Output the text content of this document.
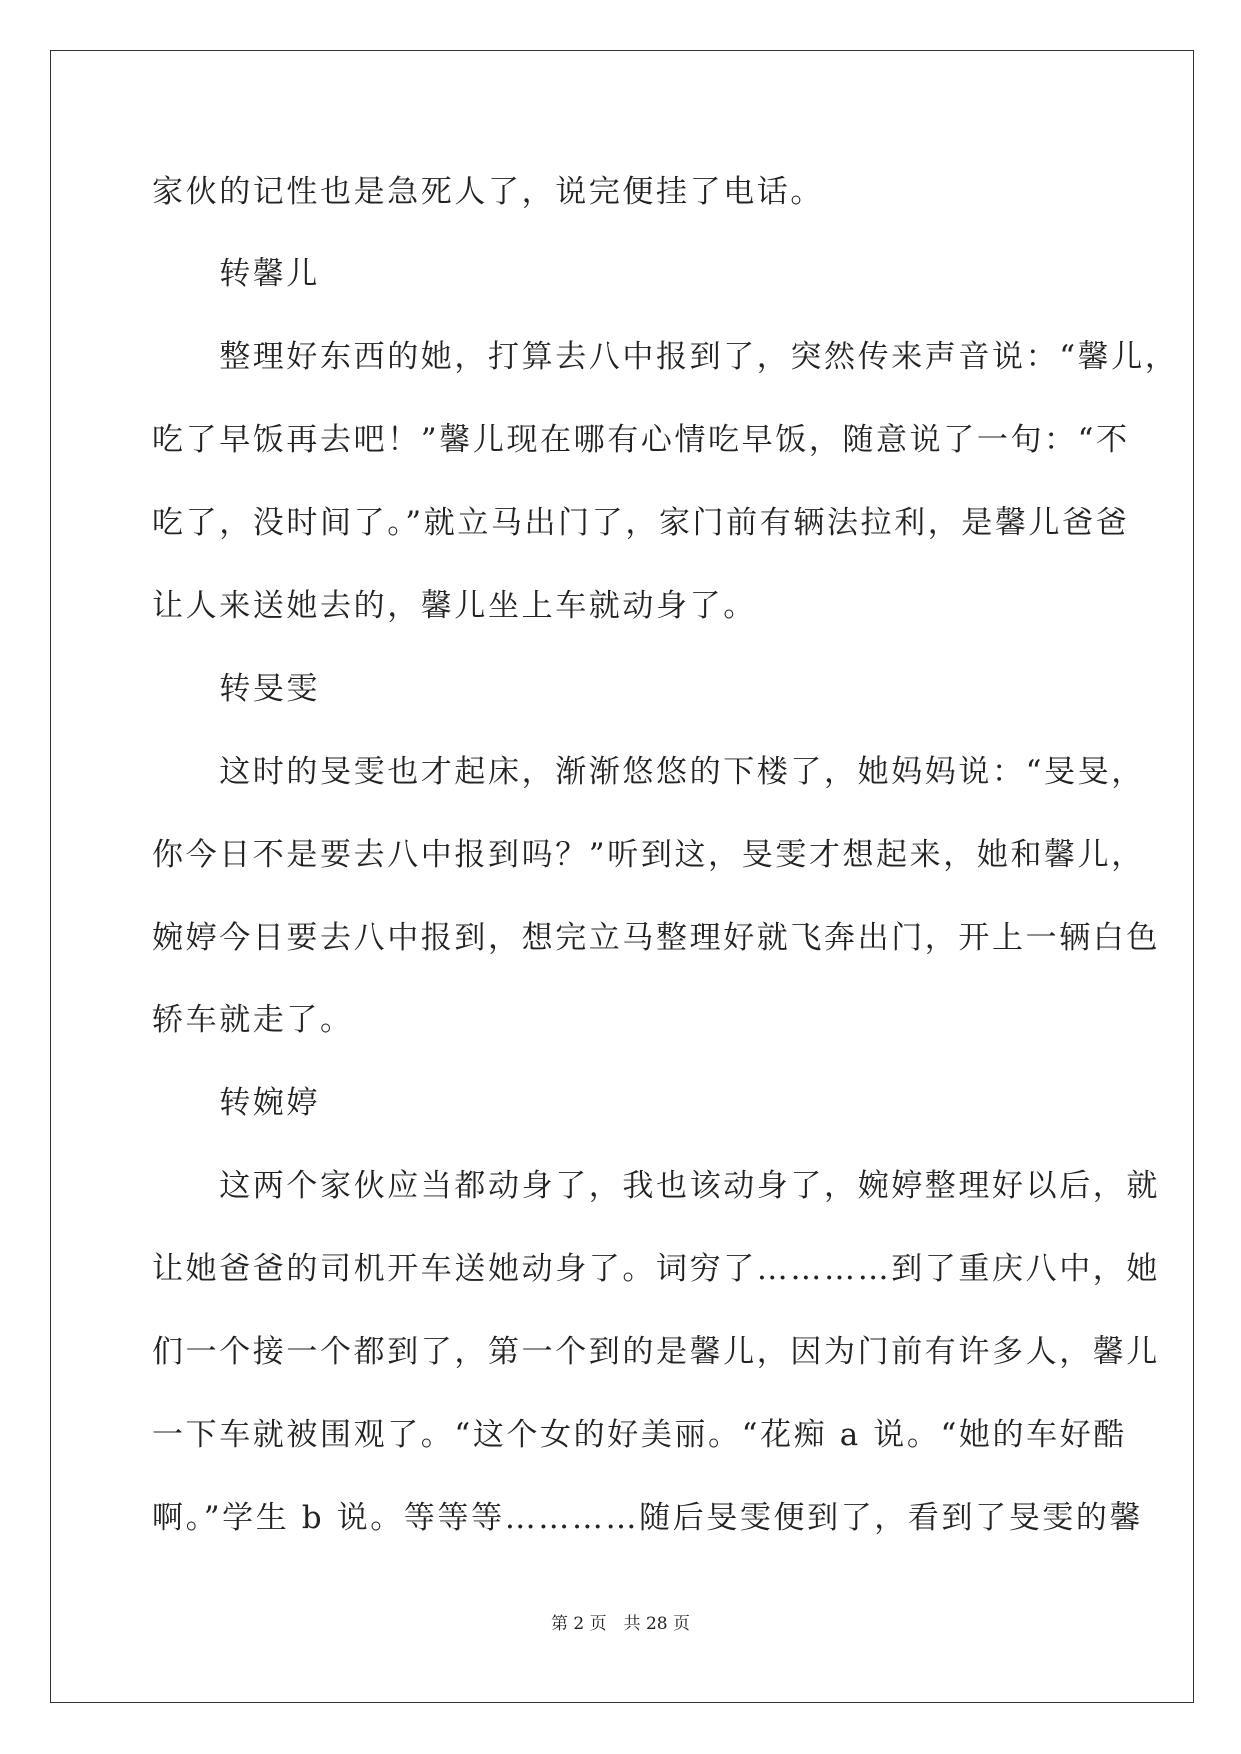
家伙的记性也是急死人了，说完便挂了电话。
　　转馨儿
　　整理好东西的她，打算去八中报到了，突然传来声音说：“馨儿，
吃了早饭再去吧！”馨儿现在哪有心情吃早饭，随意说了一句：“不
吃了，没时间了。”就立马出门了，家门前有辆法拉利，是馨儿爸爸
让人来送她去的，馨儿坐上车就动身了。
　　转旻雯
　　这时的旻雯也才起床，渐渐悠悠的下楼了，她妈妈说：“旻旻，
你今日不是要去八中报到吗？”听到这，旻雯才想起来，她和馨儿，
婉婷今日要去八中报到，想完立马整理好就飞奔出门，开上一辆白色
轿车就走了。
　　转婉婷
　　这两个家伙应当都动身了，我也该动身了，婉婷整理好以后，就
让她爸爸的司机开车送她动身了。词穷了…………到了重庆八中，她
们一个接一个都到了，第一个到的是馨儿，因为门前有许多人，馨儿
一下车就被围观了。“这个女的好美丽。“花痴 a 说。“她的车好酷
啊。”学生 b 说。等等等…………随后旻雯便到了，看到了旻雯的馨
第 2 页　共 28 页
